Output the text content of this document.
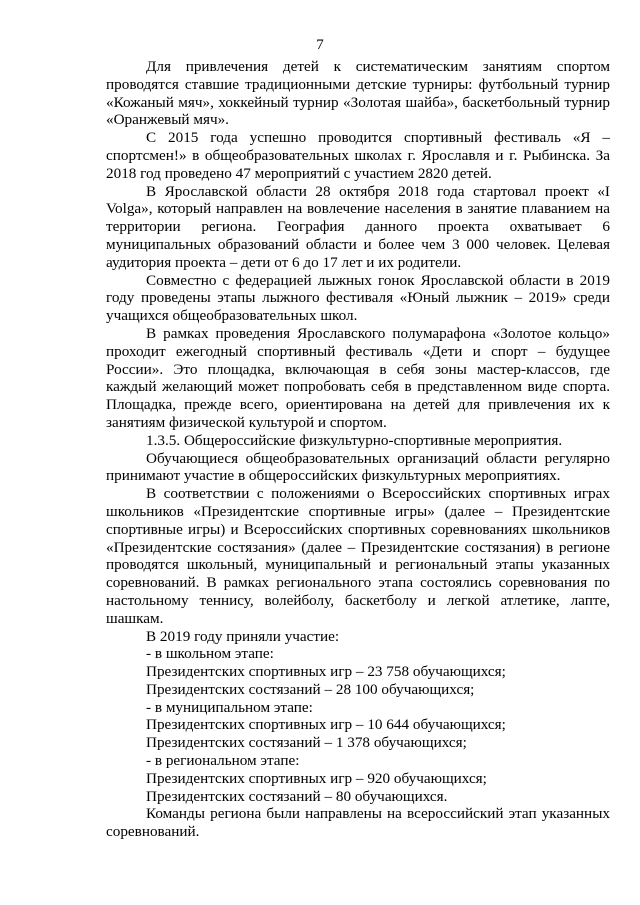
7

Для привлечения детей к систематическим занятиям спортом проводятся ставшие традиционными детские турниры: футбольный турнир «Кожаный мяч», хоккейный турнир «Золотая шайба», баскетбольный турнир «Оранжевый мяч».

С 2015 года успешно проводится спортивный фестиваль «Я – спортсмен!» в общеобразовательных школах г. Ярославля и г. Рыбинска. За 2018 год проведено 47 мероприятий с участием 2820 детей.

В Ярославской области 28 октября 2018 года стартовал проект «I Volga», который направлен на вовлечение населения в занятие плаванием на территории региона. География данного проекта охватывает 6 муниципальных образований области и более чем 3 000 человек. Целевая аудитория проекта – дети от 6 до 17 лет и их родители.

Совместно с федерацией лыжных гонок Ярославской области в 2019 году проведены этапы лыжного фестиваля «Юный лыжник – 2019» среди учащихся общеобразовательных школ.

В рамках проведения Ярославского полумарафона «Золотое кольцо» проходит ежегодный спортивный фестиваль «Дети и спорт – будущее России». Это площадка, включающая в себя зоны мастер-классов, где каждый желающий может попробовать себя в представленном виде спорта. Площадка, прежде всего, ориентирована на детей для привлечения их к занятиям физической культурой и спортом.

1.3.5. Общероссийские физкультурно-спортивные мероприятия.

Обучающиеся общеобразовательных организаций области регулярно принимают участие в общероссийских физкультурных мероприятиях.

В соответствии с положениями о Всероссийских спортивных играх школьников «Президентские спортивные игры» (далее – Президентские спортивные игры) и Всероссийских спортивных соревнованиях школьников «Президентские состязания» (далее – Президентские состязания) в регионе проводятся школьный, муниципальный и региональный этапы указанных соревнований. В рамках регионального этапа состоялись соревнования по настольному теннису, волейболу, баскетболу и легкой атлетике, лапте, шашкам.

В 2019 году приняли участие:

- в школьном этапе:

Президентских спортивных игр – 23 758 обучающихся;

Президентских состязаний – 28 100 обучающихся;

- в муниципальном этапе:

Президентских спортивных игр – 10 644 обучающихся;

Президентских состязаний – 1 378 обучающихся;

- в региональном этапе:

Президентских спортивных игр – 920 обучающихся;

Президентских состязаний – 80 обучающихся.

Команды региона были направлены на всероссийский этап указанных соревнований.
